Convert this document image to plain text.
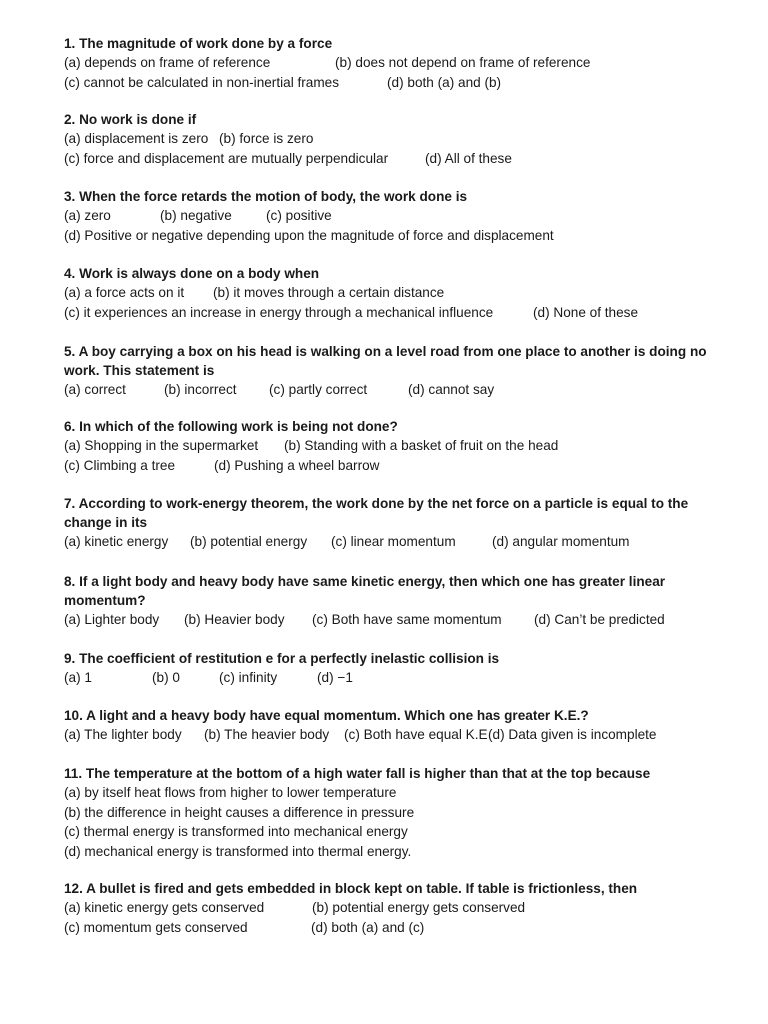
1. The magnitude of work done by a force

(a) depends on frame of reference	(b) does not depend on frame of reference
(c) cannot be calculated in non-inertial frames	(d) both (a) and (b)

2. No work is done if

(a) displacement is zero (b) force is zero
(c) force and displacement are mutually perpendicular	(d) All of these

3. When the force retards the motion of body, the work done is

(a) zero	(b) negative	(c) positive
(d) Positive or negative depending upon the magnitude of force and displacement

4. Work is always done on a body when

(a) a force acts on it (b) it moves through a certain distance
(c) it experiences an increase in energy through a mechanical influence	(d) None of these

5. A boy carrying a box on his head is walking on a level road from one place to another is doing no work. This statement is

(a) correct	(b) incorrect (c) partly correct	(d) cannot say

6. In which of the following work is being not done?

(a) Shopping in the supermarket (b) Standing with a basket of fruit on the head
(c) Climbing a tree	(d) Pushing a wheel barrow

7. According to work-energy theorem, the work done by the net force on a particle is equal to the change in its

(a) kinetic energy (b) potential energy (c) linear momentum	(d) angular momentum

8. If a light body and heavy body have same kinetic energy, then which one has greater linear momentum?

(a) Lighter body (b) Heavier body (c) Both have same momentum (d) Can’t be predicted

9. The coefficient of restitution e for a perfectly inelastic collision is

(a) 1	(b) 0	(c) infinity	(d) −1

10. A light and a heavy body have equal momentum. Which one has greater K.E.?

(a) The lighter body (b) The heavier body (c) Both have equal K.E (d) Data given is incomplete

11. The temperature at the bottom of a high water fall is higher than that at the top because

(a) by itself heat flows from higher to lower temperature
(b) the difference in height causes a difference in pressure
(c) thermal energy is transformed into mechanical energy
(d) mechanical energy is transformed into thermal energy.

12. A bullet is fired and gets embedded in block kept on table. If table is frictionless, then

(a) kinetic energy gets conserved	(b) potential energy gets conserved
(c) momentum gets conserved	(d) both (a) and (c)
